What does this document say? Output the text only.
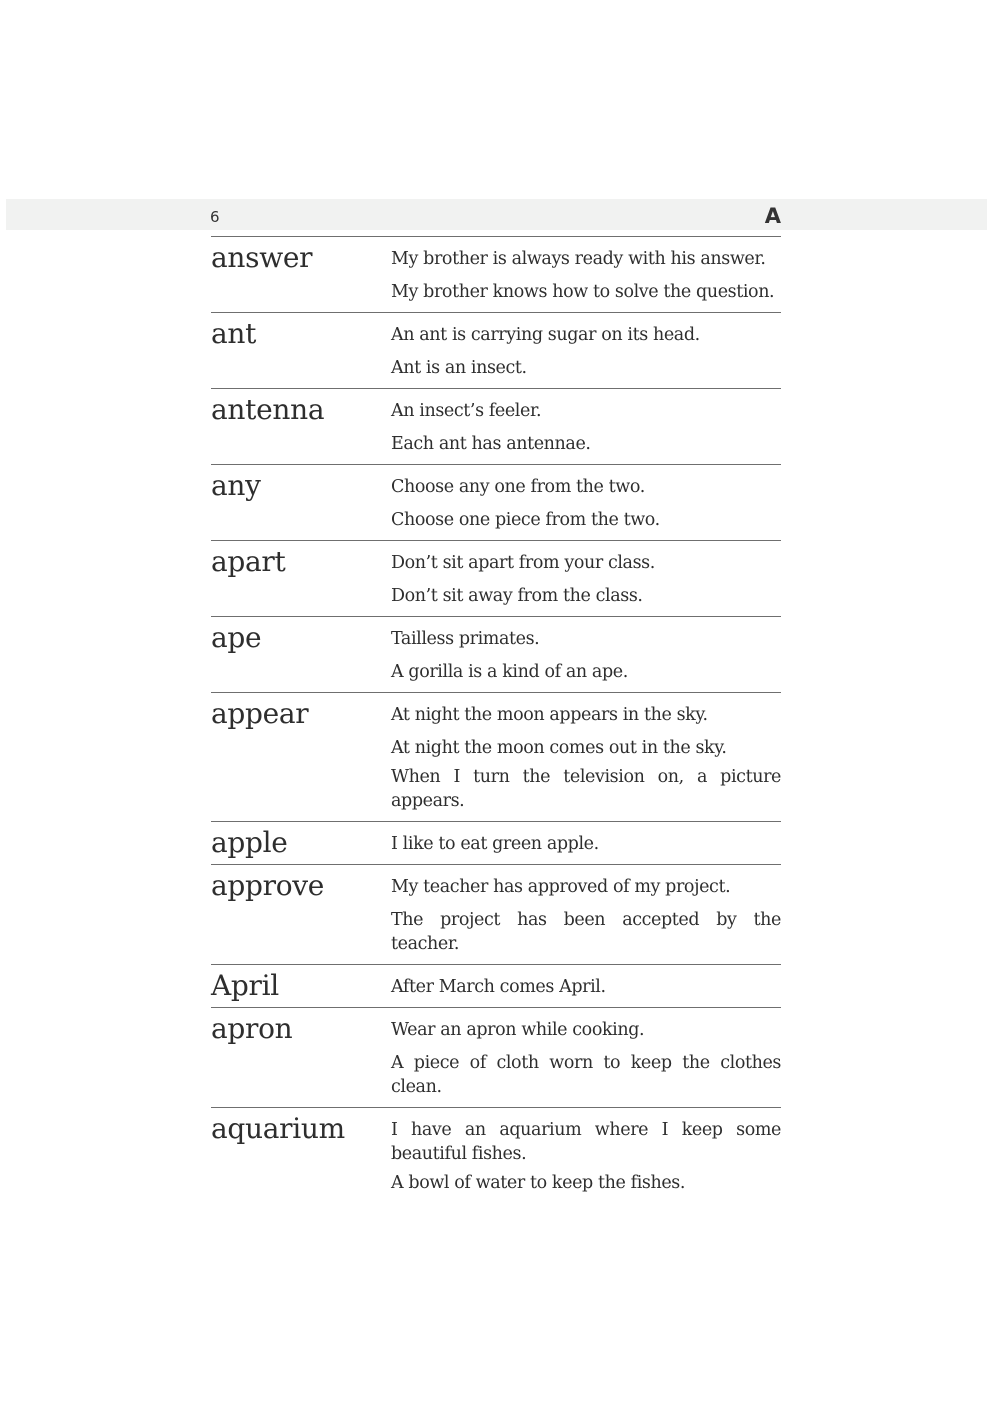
6	A
answer	My brother is always ready with his answer.
My brother knows how to solve the question.
ant	An ant is carrying sugar on its head.
Ant is an insect.
antenna	An insect’s feeler.
Each ant has antennae.
any	Choose any one from the two.
Choose one piece from the two.
apart	Don’t sit apart from your class.
Don’t sit away from the class.
ape	Tailless primates.
A gorilla is a kind of an ape.
appear	At night the moon appears in the sky.
At night the moon comes out in the sky.
When I turn the television on, a picture appears.
apple	I like to eat green apple.
approve	My teacher has approved of my project.
The project has been accepted by the teacher.
April	After March comes April.
apron	Wear an apron while cooking.
A piece of cloth worn to keep the clothes clean.
aquarium	I have an aquarium where I keep some beautiful fishes.
A bowl of water to keep the fishes.
